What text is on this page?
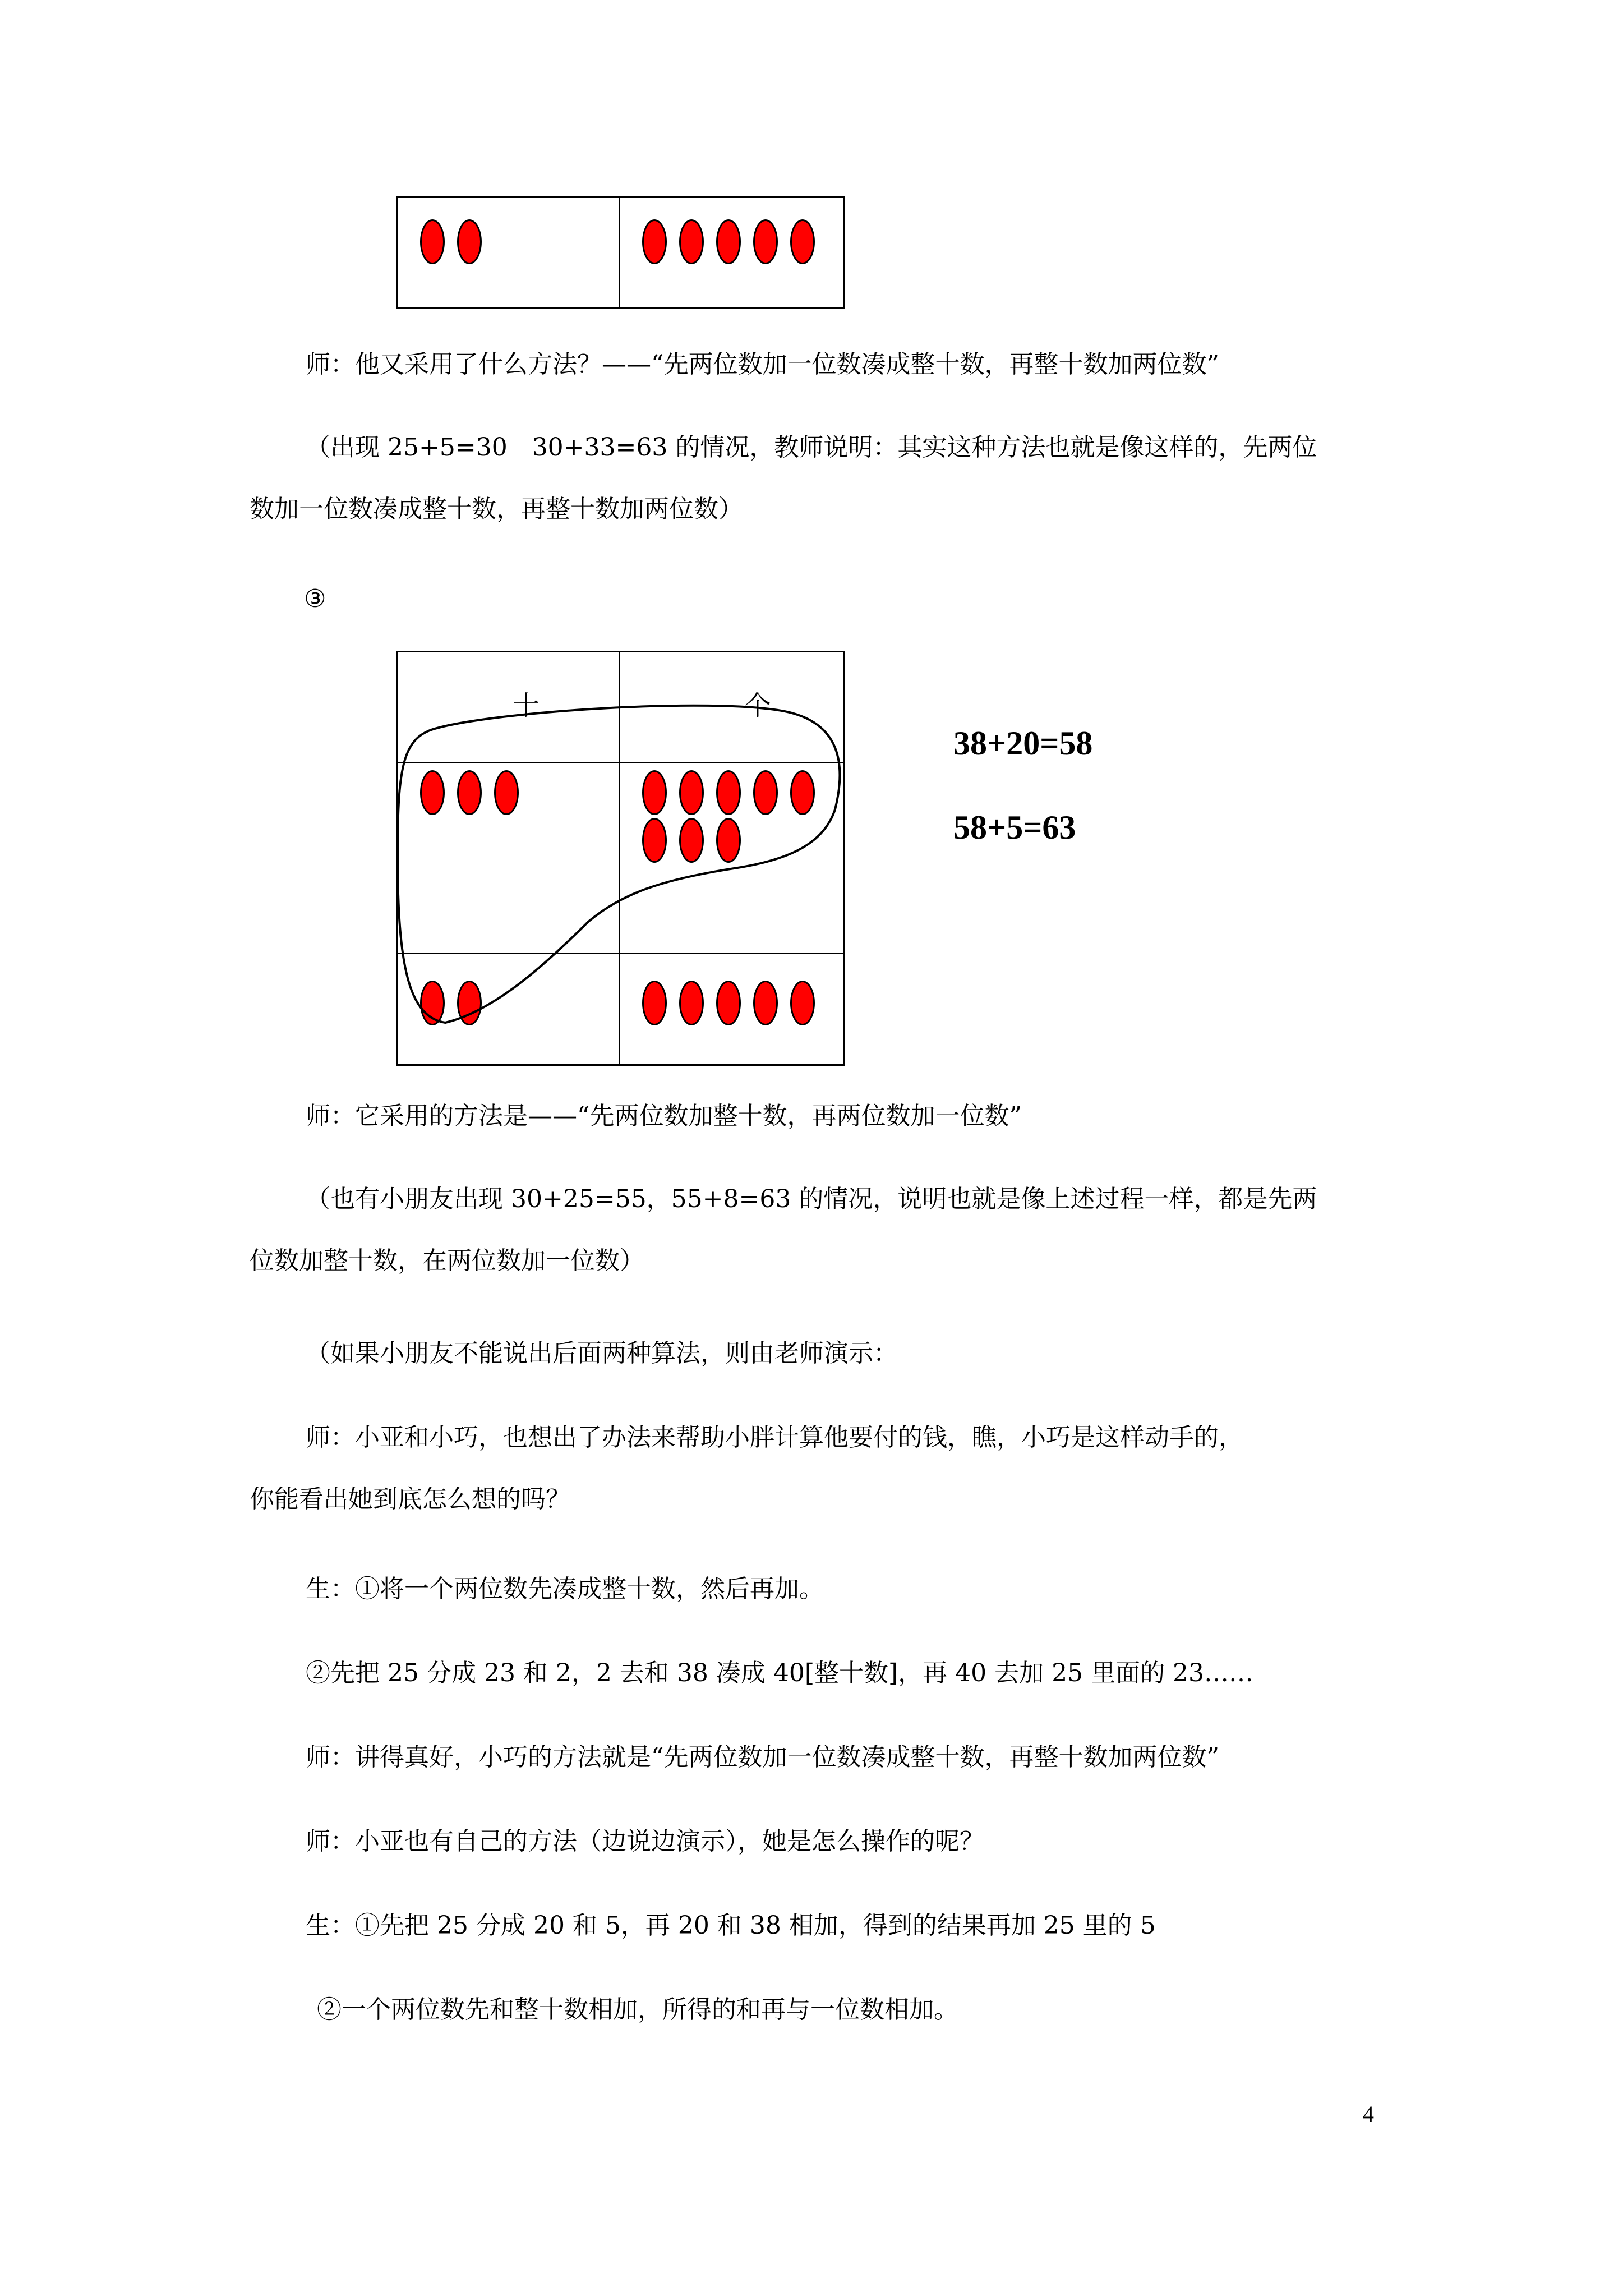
师：他又采用了什么方法？——“先两位数加一位数凑成整十数，再整十数加两位数”
（出现 25+5=30　30+33=63 的情况，教师说明：其实这种方法也就是像这样的，先两位
数加一位数凑成整十数，再整十数加两位数）
③
十	个
38+20=58
58+5=63
师：它采用的方法是——“先两位数加整十数，再两位数加一位数”
（也有小朋友出现 30+25=55，55+8=63 的情况，说明也就是像上述过程一样，都是先两
位数加整十数，在两位数加一位数）
（如果小朋友不能说出后面两种算法，则由老师演示：
师：小亚和小巧，也想出了办法来帮助小胖计算他要付的钱，瞧，小巧是这样动手的，
你能看出她到底怎么想的吗？
生：①将一个两位数先凑成整十数，然后再加。
②先把 25 分成 23 和 2，2 去和 38 凑成 40[整十数]，再 40 去加 25 里面的 23……
师：讲得真好，小巧的方法就是“先两位数加一位数凑成整十数，再整十数加两位数”
师：小亚也有自己的方法（边说边演示），她是怎么操作的呢？
生：①先把 25 分成 20 和 5，再 20 和 38 相加，得到的结果再加 25 里的 5
②一个两位数先和整十数相加，所得的和再与一位数相加。
4
